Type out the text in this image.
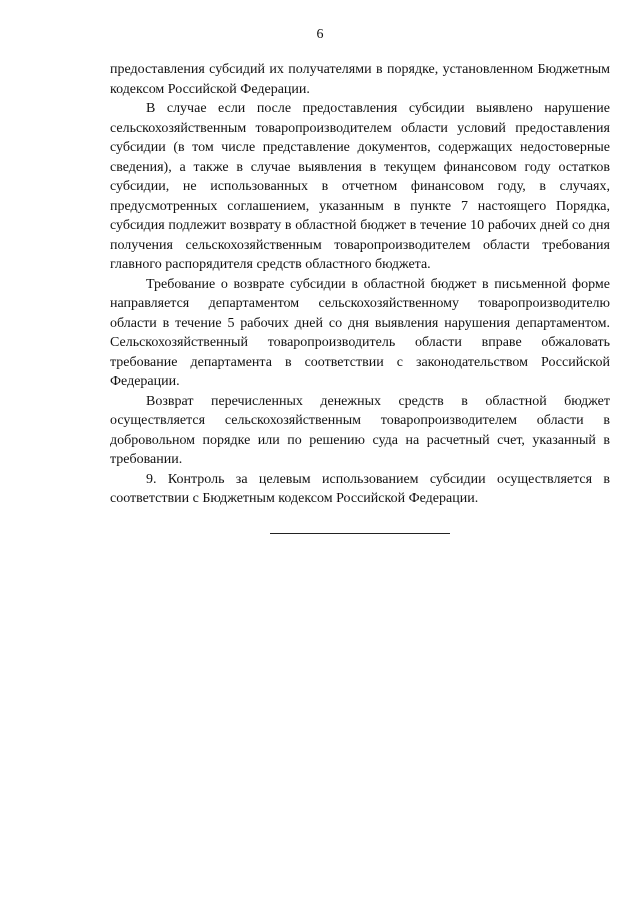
6

предоставления субсидий их получателями в порядке, установленном Бюджетным кодексом Российской Федерации.

В случае если после предоставления субсидии выявлено нарушение сельскохозяйственным товаропроизводителем области условий предоставления субсидии (в том числе представление документов, содержащих недостоверные сведения), а также в случае выявления в текущем финансовом году остатков субсидии, не использованных в отчетном финансовом году, в случаях, предусмотренных соглашением, указанным в пункте 7 настоящего Порядка, субсидия подлежит возврату в областной бюджет в течение 10 рабочих дней со дня получения сельскохозяйственным товаропроизводителем области требования главного распорядителя средств областного бюджета.

Требование о возврате субсидии в областной бюджет в письменной форме направляется департаментом сельскохозяйственному товаропроизводителю области в течение 5 рабочих дней со дня выявления нарушения департаментом. Сельскохозяйственный товаропроизводитель области вправе обжаловать требование департамента в соответствии с законодательством Российской Федерации.

Возврат перечисленных денежных средств в областной бюджет осуществляется сельскохозяйственным товаропроизводителем области в добровольном порядке или по решению суда на расчетный счет, указанный в требовании.

9. Контроль за целевым использованием субсидии осуществляется в соответствии с Бюджетным кодексом Российской Федерации.
